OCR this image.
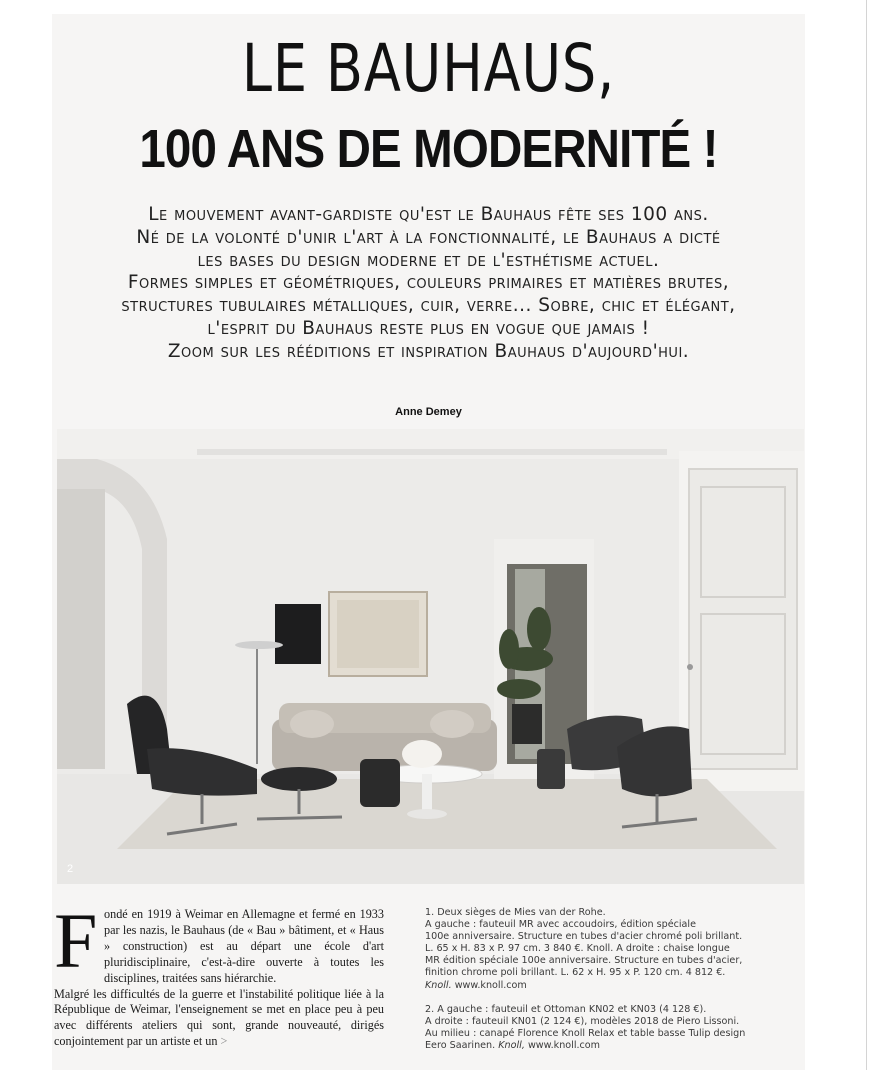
LE BAUHAUS,
100 ANS DE MODERNITÉ !
Le mouvement avant-gardiste qu'est le Bauhaus fête ses 100 ans.
Né de la volonté d'unir l'art à la fonctionnalité, le Bauhaus a dicté
les bases du design moderne et de l'esthétisme actuel.
Formes simples et géométriques, couleurs primaires et matières brutes,
structures tubulaires métalliques, cuir, verre... Sobre, chic et élégant,
l'esprit du Bauhaus reste plus en vogue que jamais !
Zoom sur les rééditions et inspiration Bauhaus d'aujourd'hui.
Anne Demey
2
F ondé en 1919 à Weimar en Allemagne et fermé en 1933 par les nazis, le Bauhaus (de « Bau » bâtiment, et « Haus » construction) est au départ une école d'art pluridisciplinaire, c'est-à-dire ouverte à toutes les disciplines, traitées sans hiérarchie.

Malgré les difficultés de la guerre et l'instabilité politique liée à la République de Weimar, l'enseignement se met en place peu à peu avec différents ateliers qui sont, grande nouveauté, dirigés conjointement par un artiste et un >

1. Deux sièges de Mies van der Rohe.
A gauche : fauteuil MR avec accoudoirs, édition spéciale
100e anniversaire. Structure en tubes d'acier chromé poli brillant.
L. 65 x H. 83 x P. 97 cm. 3 840 €. Knoll. A droite : chaise longue
MR édition spéciale 100e anniversaire. Structure en tubes d'acier,
finition chrome poli brillant. L. 62 x H. 95 x P. 120 cm. 4 812 €.
Knoll. www.knoll.com

2. A gauche : fauteuil et Ottoman KN02 et KN03 (4 128 €).
A droite : fauteuil KN01 (2 124 €), modèles 2018 de Piero Lissoni.
Au milieu : canapé Florence Knoll Relax et table basse Tulip design
Eero Saarinen. Knoll, www.knoll.com
